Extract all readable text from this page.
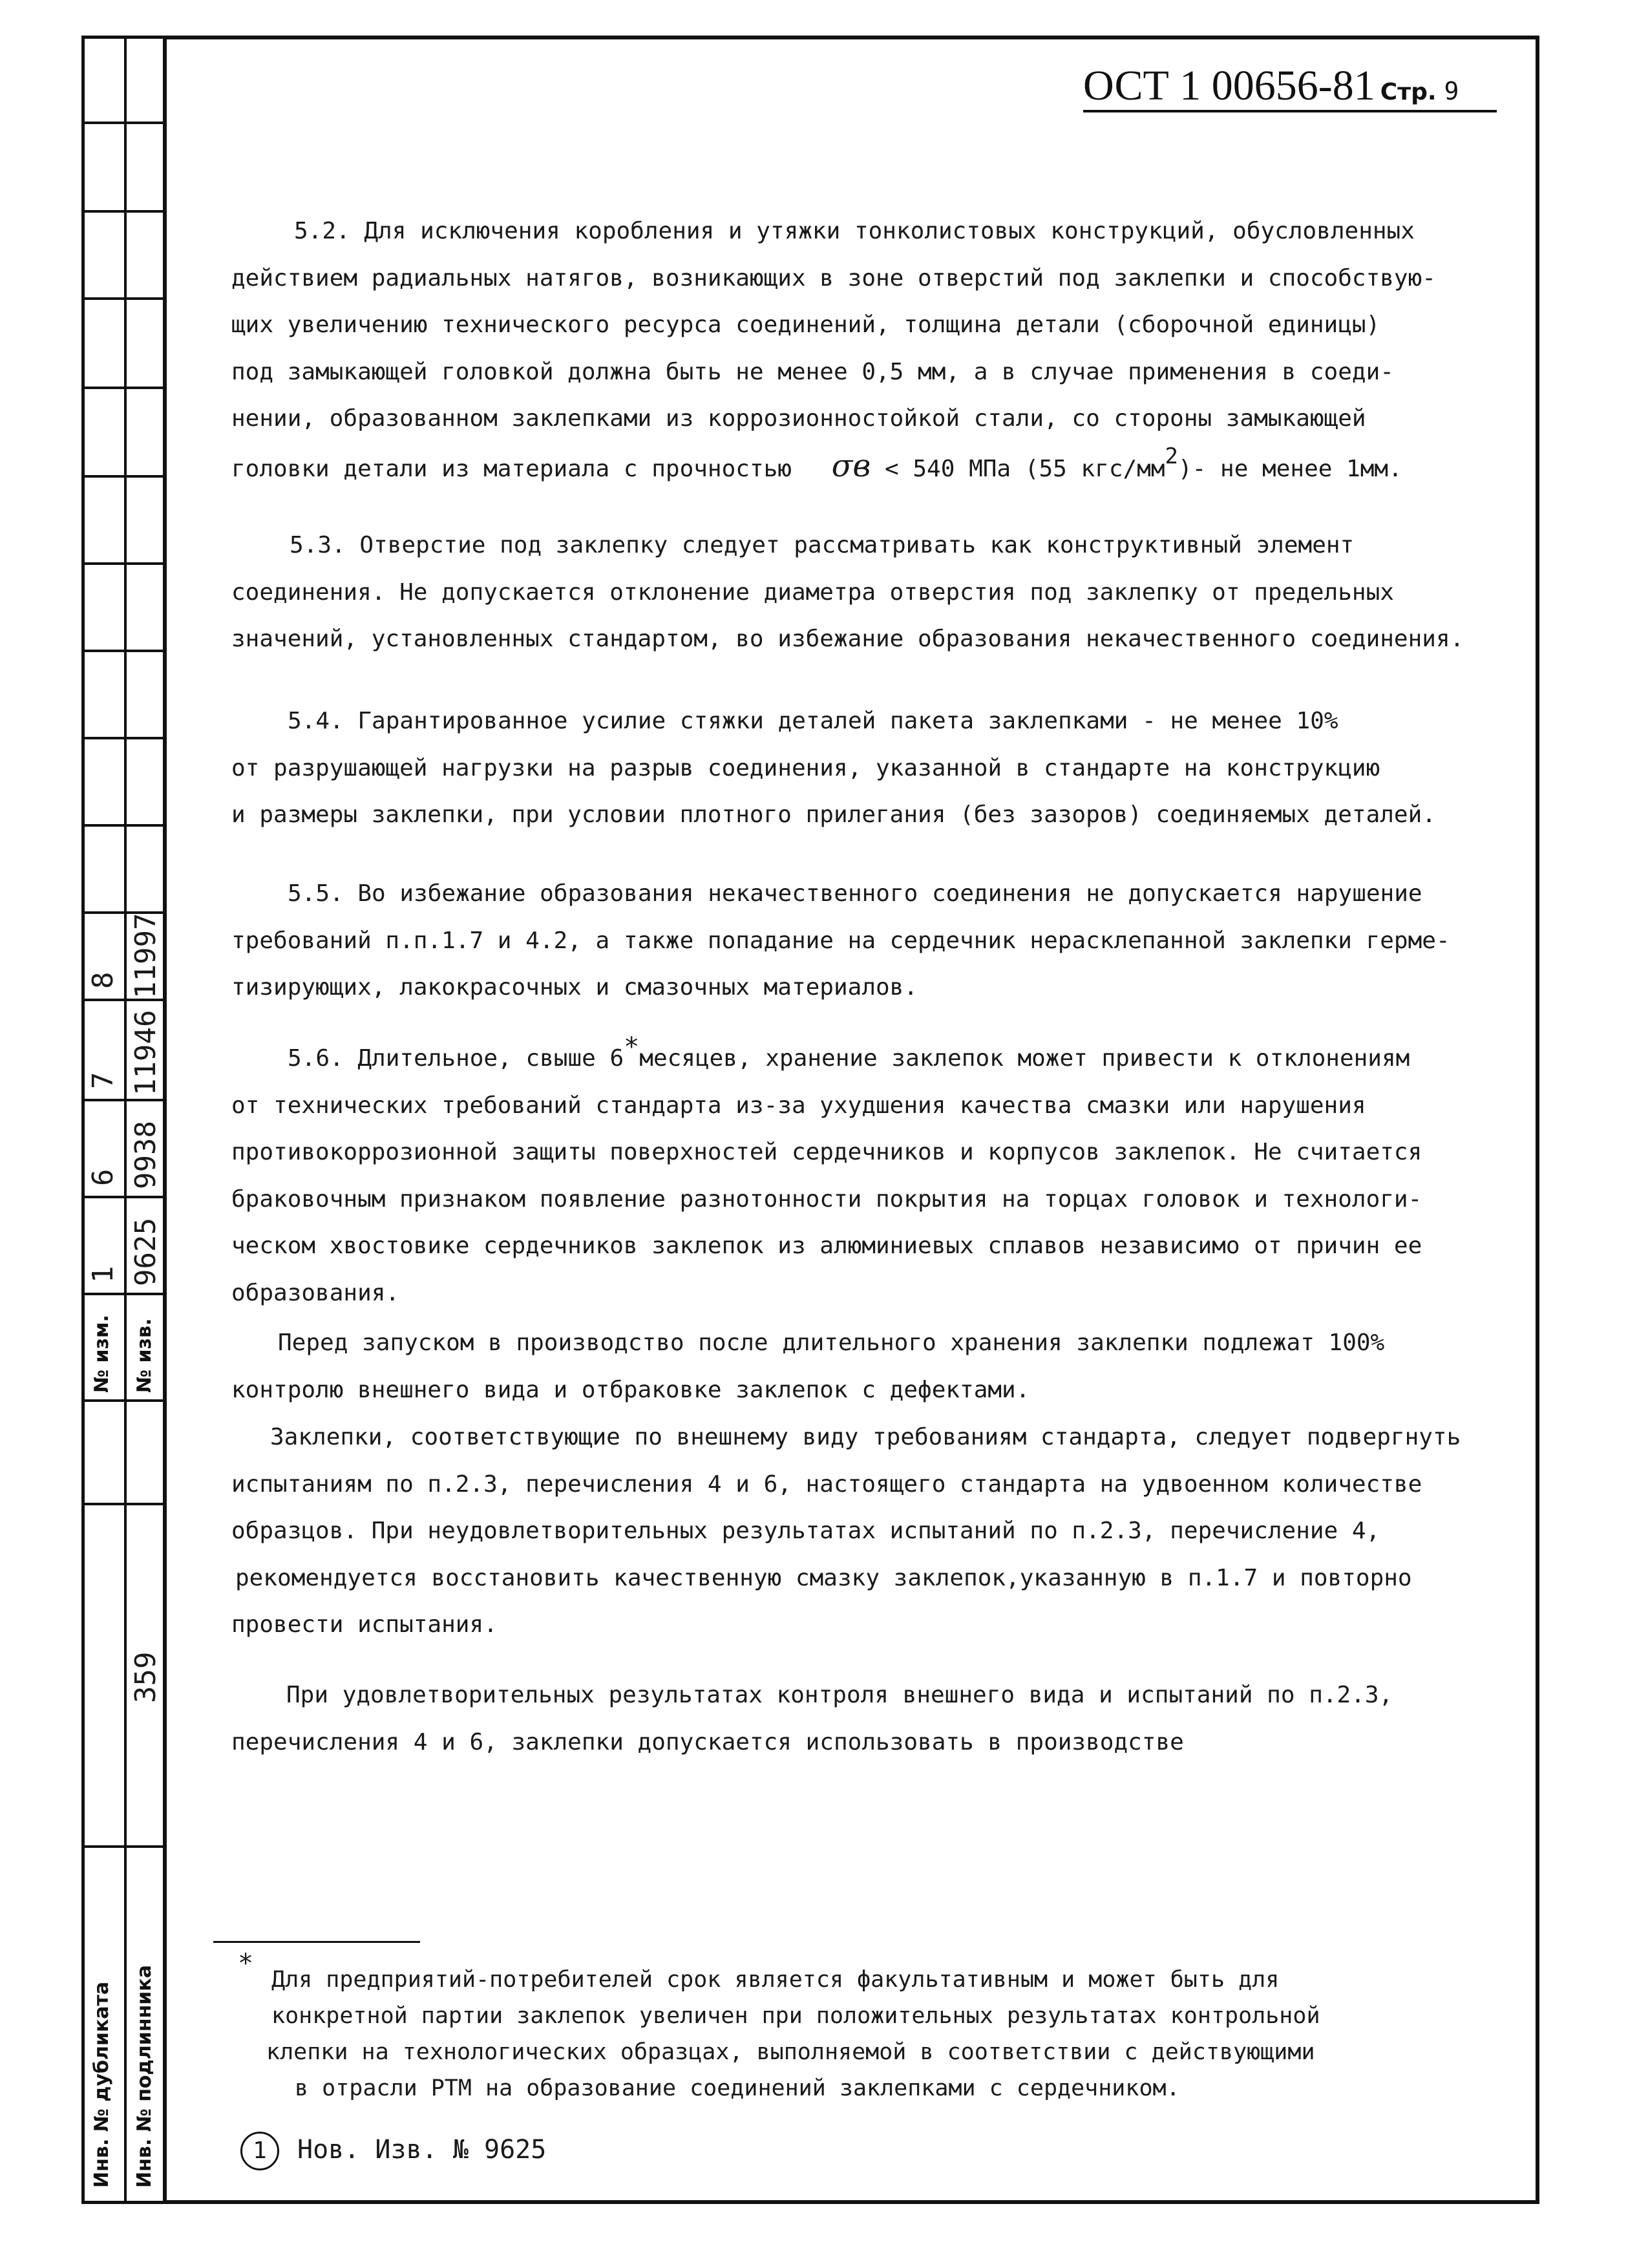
№ изм. № изв.
1
6
7
8
9625
9938
11946
11997
359
Инв. № дубликата Инв. № подлинника
ОСТ 1 00656-81 Стр. 9
5.2. Для исключения коробления и утяжки тонколистовых конструкций, обусловленных
действием радиальных натягов, возникающих в зоне отверстий под заклепки и способствую-
щих увеличению технического ресурса соединений, толщина детали (сборочной единицы)
под замыкающей головкой должна быть не менее 0,5 мм, а в случае применения в соеди-
нении, образованном заклепками из коррозионностойкой стали, со стороны замыкающей
головки детали из материала с прочностью σв < 540 МПа (55 кгс/мм2)- не менее 1мм.
5.3. Отверстие под заклепку следует рассматривать как конструктивный элемент
соединения. Не допускается отклонение диаметра отверстия под заклепку от предельных
значений, установленных стандартом, во избежание образования некачественного соединения.
5.4. Гарантированное усилие стяжки деталей пакета заклепками - не менее 10%
от разрушающей нагрузки на разрыв соединения, указанной в стандарте на конструкцию
и размеры заклепки, при условии плотного прилегания (без зазоров) соединяемых деталей.
5.5. Во избежание образования некачественного соединения не допускается нарушение
требований п.п.1.7 и 4.2, а также попадание на сердечник нерасклепанной заклепки герме-
тизирующих, лакокрасочных и смазочных материалов.
5.6. Длительное, свыше 6*месяцев, хранение заклепок может привести к отклонениям
от технических требований стандарта из-за ухудшения качества смазки или нарушения
противокоррозионной защиты поверхностей сердечников и корпусов заклепок. Не считается
браковочным признаком появление разнотонности покрытия на торцах головок и технологи-
ческом хвостовике сердечников заклепок из алюминиевых сплавов независимо от причин ее
образования.
Перед запуском в производство после длительного хранения заклепки подлежат 100%
контролю внешнего вида и отбраковке заклепок с дефектами.
Заклепки, соответствующие по внешнему виду требованиям стандарта, следует подвергнуть
испытаниям по п.2.3, перечисления 4 и 6, настоящего стандарта на удвоенном количестве
образцов. При неудовлетворительных результатах испытаний по п.2.3, перечисление 4,
рекомендуется восстановить качественную смазку заклепок,указанную в п.1.7 и повторно
провести испытания.
При удовлетворительных результатах контроля внешнего вида и испытаний по п.2.3,
перечисления 4 и 6, заклепки допускается использовать в производстве
*
Для предприятий-потребителей срок является факультативным и может быть для
конкретной партии заклепок увеличен при положительных результатах контрольной
клепки на технологических образцах, выполняемой в соответствии с действующими
в отрасли РТМ на образование соединений заклепками с сердечником.
1 Нов. Изв. № 9625
